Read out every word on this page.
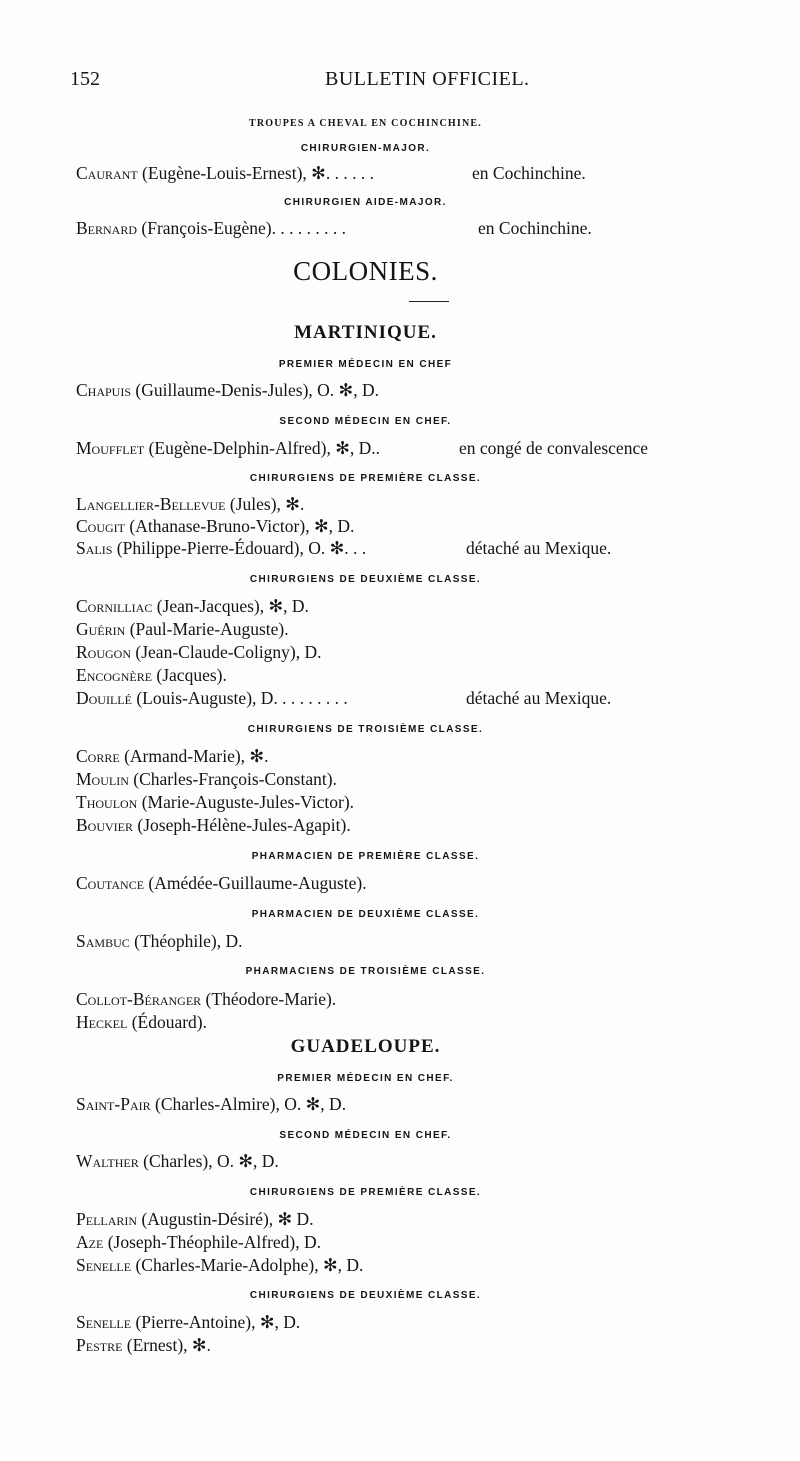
152	BULLETIN OFFICIEL.
TROUPES A CHEVAL EN COCHINCHINE.
CHIRURGIEN-MAJOR.
Caurant (Eugène-Louis-Ernest), ✻. . . . . .	en Cochinchine.
CHIRURGIEN AIDE-MAJOR.
Bernard (François-Eugène). . . . . . . . .	en Cochinchine.
COLONIES.
MARTINIQUE.
PREMIER MÉDECIN EN CHEF
Chapuis (Guillaume-Denis-Jules), O. ✻, D.
SECOND MÉDECIN EN CHEF.
Moufflet (Eugène-Delphin-Alfred), ✻, D..	en congé de convalescence
CHIRURGIENS DE PREMIÈRE CLASSE.
Langellier-Bellevue (Jules), ✻.
Cougit (Athanase-Bruno-Victor), ✻, D.
Salis (Philippe-Pierre-Édouard), O. ✻. . .	détaché au Mexique.
CHIRURGIENS DE DEUXIÈME CLASSE.
Cornilliac (Jean-Jacques), ✻, D.
Guérin (Paul-Marie-Auguste).
Rougon (Jean-Claude-Coligny), D.
Encognère (Jacques).
Douillé (Louis-Auguste), D. . . . . . . . .	détaché au Mexique.
CHIRURGIENS DE TROISIÈME CLASSE.
Corre (Armand-Marie), ✻.
Moulin (Charles-François-Constant).
Thoulon (Marie-Auguste-Jules-Victor).
Bouvier (Joseph-Hélène-Jules-Agapit).
PHARMACIEN DE PREMIÈRE CLASSE.
Coutance (Amédée-Guillaume-Auguste).
PHARMACIEN DE DEUXIÈME CLASSE.
Sambuc (Théophile), D.
PHARMACIENS DE TROISIÈME CLASSE.
Collot-Béranger (Théodore-Marie).
Heckel (Édouard).
GUADELOUPE.
PREMIER MÉDECIN EN CHEF.
Saint-Pair (Charles-Almire), O. ✻, D.
SECOND MÉDECIN EN CHEF.
Walther (Charles), O. ✻, D.
CHIRURGIENS DE PREMIÈRE CLASSE.
Pellarin (Augustin-Désiré), ✻ D.
Aze (Joseph-Théophile-Alfred), D.
Senelle (Charles-Marie-Adolphe), ✻, D.
CHIRURGIENS DE DEUXIÈME CLASSE.
Senelle (Pierre-Antoine), ✻, D.
Pestre (Ernest), ✻.
